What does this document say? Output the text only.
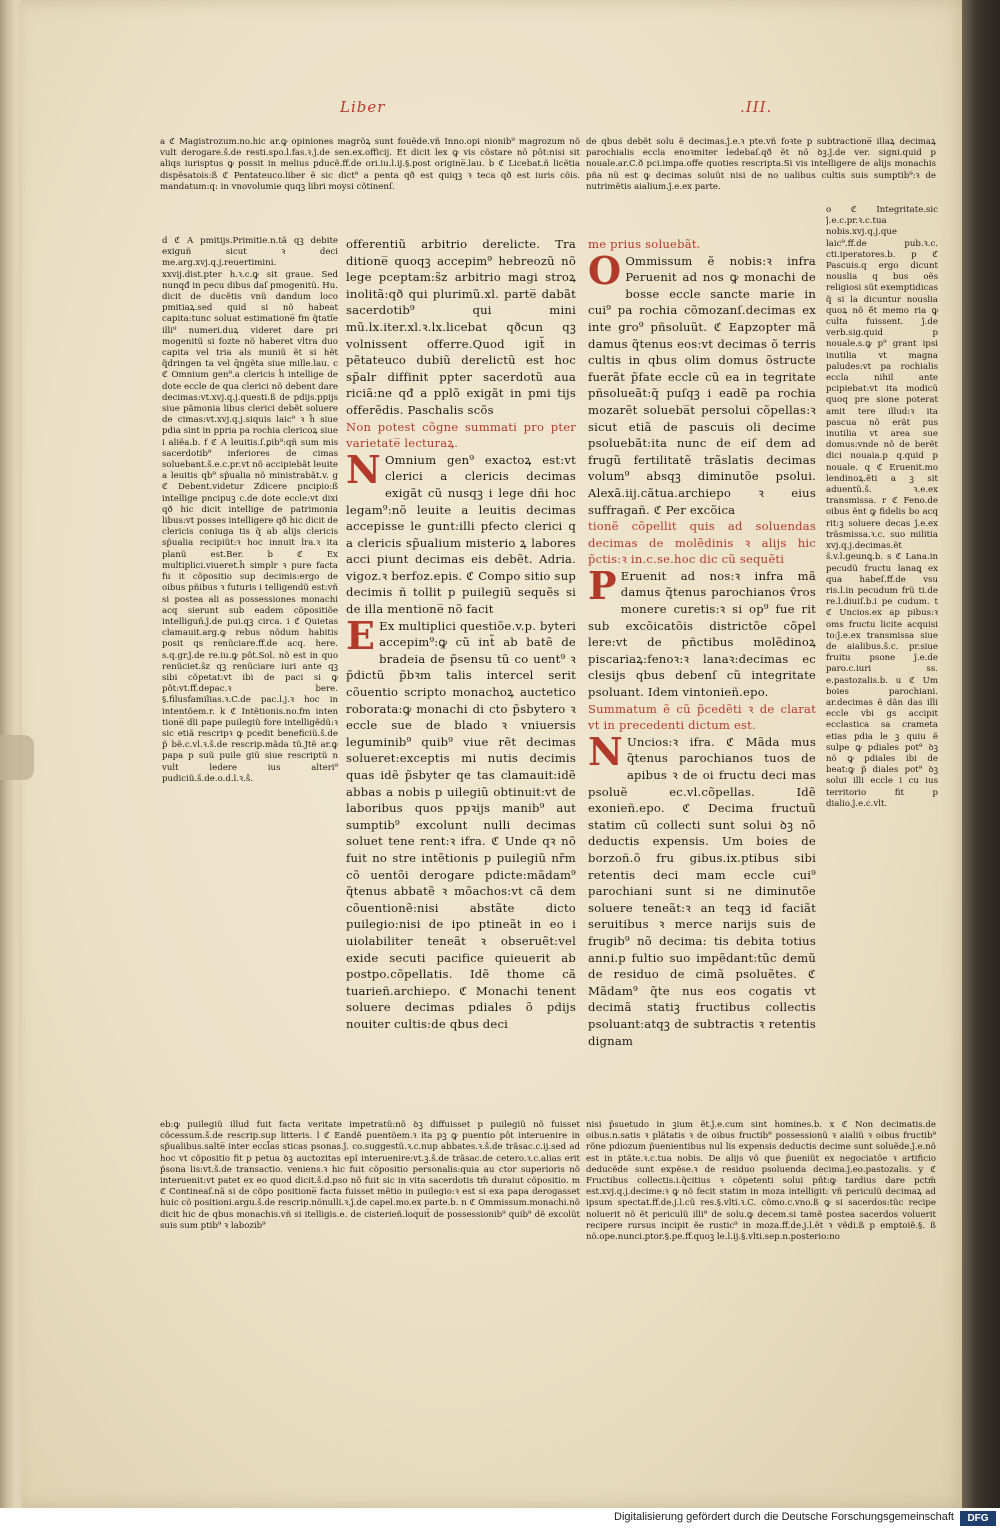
Liber	.III.

a ℭ Magistrozum.no.hic ar.ꝙ opiniones magrõꝝ sunt fouẽde.vñ Inno.opi nionib⁹ magrozum nõ vult derogare.š.de resti.spo.l.fas.ꝛ.ĵ.de sen.ex.officij. Et dicit lex ꝙ vis cõstare nõ pôt:nisi sit aliqs iurisptus ꝙ possit in melius pducẽ.ff.de ori.iu.l.ij.§.post origine̅.lau. b ℭ Licebat.ñ licẽtia dispẽsatois:ß ℭ Pentateuco.liber ẽ sic dict⁹ a penta qð est quiqꝫ ꝛ teca qð est iuris cõis. mandatum:q: in vnovolumie quqꝫ libri moysi cõtinenſ.

d ℭ A pmitijs.Primitie.n.tã qꝫ debite exiguñ sicut ꝛ deci me.arg.xvj.q.j.reuertimini. xxvij.dist.pter h.ꝛ.c.ꝙ sit graue. Sed nunqđ in pecu dibus daſ pmogenitũ. Hu. dicit de ducẽtis vnũ dandum loco pmitiaꝝ.sed quid si nõ habeat capita:tunc soluat estimatione̅ fm q̃tatĩe illi⁹ numeri.duꝝ videret dare pri mogenitũ si fozte nõ haberet vltra duo capita vel tria als muniũ ẽt si hẽt q̃dringen ta vel q̄ngẽta siue mille.lau. c ℭ Omnium gen⁹.a clericis ĥ intellige de dote eccle de qua clerici nõ debent dare decimas:vt.xvj.q.j.questi.ß de pdijs.ppijs siue pãmonia libus clerici debẽt soluere de cimas:vt.xvj.q.j.siquis laic⁹ ꝛ ĥ siue pdia sint in ppria pa rochia clericoꝝ siue i aliẽa.b. f ℭ A leuitis.ſ.ꝑib⁹:qñ sum mis sacerdotib⁹ inferiores de cimas soluebant.š.e.c.pr.vt nõ accipiebãt leuite a leuitis qb⁹ sp̃ualia nõ ministrabãt.v. g ℭ Debent.videtur Zdicere pncipio:ß intellige pncipuꝫ c.de dote eccle:vt dixi qð hic dicit intellige de patrimonia libus:vt posses intelligere qð hic dicit de clericis coniuga tis q̃ ab alijs clericis sp̃ualia recipiũt:ꝛ hoc innuit lra.ꝛ ita planũ est.Ber. b ℭ Ex multiplici.viueret.ĥ simplr ꝛ pure facta fu it cõpositio sup decimis:ergo de oibus pñibus ꝛ futuris i telligendũ est:vñ si postea ali as possessiones monachi acq sierunt sub eadem cõpositiõe intelliguñ.ĵ.de pui.qꝫ circa. i ℭ Quietas clamauit.arg.ꝙ rebus nõdum habitis posit qs renũciare.ff.de acq. here. s.q.gr.ĵ.de re.iu.ꝙ pôt.Sol. nõ est in quo renũciet.s̃z qꝫ renũciare iuri ante qꝫ sibi cõpetat:vt ibi de paci si ꝙ pôt:vt.ff.depac.ꝛ bere. §.filusfamilias.ꝛ.C.de pac.l.j.ꝛ hoc in intentõem.r. k ℭ Intẽtionis.no.fm inten tione̅ dĩi pape puilegiũ fore intelligẽdũ:ꝛ sic etiã rescripꝛ ꝙ pcedit beneficiũ.š.de p̃ bẽ.c.vl.ꝛ.š.de rescrip.mãda tũ.Jtẽ ar.ꝙ papa p suũ puile giũ siue rescriptũ n vult ledere ius alteri⁹ pudiciũ.š.de.o.d.l.ꝛ.š.

offerentiũ arbitrio derelicte. Tra ditione̅ quoqꝫ accepim⁹ hebreozũ nõ lege pceptam:s̃z arbitrio magi stroꝝ inolitã:qð qui plurimũ.xl. parte̅ dabãt sacerdotib⁹ qui mini mũ.lx.iter.xl.ꝛ.lx.licebat qðcun qꝫ volnissent offerre.Quod igit̃ in pẽtateuco dubiũ derelictũ est hoc sp̃alr diffinit ppter sacerdotũ aua riciã:ne qđ a pplõ exigãt in pmi tijs offerẽdis. Paschalis scõs

Non potest cõgne summati pro pter varietate̅ lecturaꝝ.

N Omnium gen⁹ exactoꝝ est:vt clerici a clericis decimas exigãt cũ nusqꝫ i lege dñi hoc legam⁹:nõ leuite a leuitis decimas accepisse le gunt:illi pfecto clerici q a clericis sp̃ualium misterio ꝝ labores acci piunt decimas eis debẽt. Adria. vigoz.ꝛ berfoz.epis. ℭ Compo sitio sup decimis ñ tollit p puilegiũ sequẽs si de illa mentione̅ nõ facit

E Ex multiplici questiõe.v.p. byteri accepim⁹:ꝙ cũ int̃ ab batẽ de bradeia de p̃sensu tũ co uent⁹ ꝛ p̃dictũ p̃bꝛm talis intercel serit cõuentio scripto monachoꝝ auctetico roborata:ꝙ monachi di cto p̃sbytero ꝛ eccle sue de blado ꝛ vniuersis leguminib⁹ quib⁹ viue rẽt decimas solueret:exceptis mi nutis decimis quas idẽ p̃sbyter qe tas clamauit:idẽ abbas a nobis p uilegiũ obtinuit:vt de laboribus quos ppꝛijs manib⁹ aut sumptib⁹ excolunt nulli decimas soluet tene rent:ꝛ ifra. ℭ Unde qꝛ nõ fuit no stre intẽtionis p puilegiũ nr̃m cõ uentõi derogare pdicte:mãdam⁹ q̃tenus abbatẽ ꝛ mõachos:vt cã dem cõuentionẽ:nisi abstãte dicto puilegio:nisi de ipo ptineãt in eo i uiolabiliter teneãt ꝛ obseruẽt:vel exide secuti pacifice quieuerit ab postpo.cõpellatis. Idẽ thome cã tuarieñ.archiepo. ℭ Monachi tenent soluere decimas pdiales õ pdijs nouiter cultis:de qbus deci

de qbus debẽt solu ẽ decimas.ĵ.e.ꝛ pte.vñ foꝛte p subtractione̅ illaꝝ decimaꝝ parochialis eccla enoꝛmiter ledebaſ.qð ẽt nõ ꝺꝫ.ĵ.de ver. signi.quid p nouale.ar.C.ð pci.impa.offe quoties rescripta.Si vis intelligere de alijs monachis pña nũ est ꝙ decimas soluũt nisi de no ualibus cultis suis sumptib⁹:ꝛ de nutrimẽtis aialium.ĵ.e.ex parte.

me prius soluebãt.

O Ommissum ẽ nobis:ꝛ infra Peruenit ad nos ꝙ monachi de bosse eccle sancte marie in cui⁹ pa rochia cõmozanſ.decimas ex inte gro⁹ pñsoluũt. ℭ Eapzopter mã damus q̃tenus eos:vt decimas õ terris cultis in qbus olim domus õstructe fuerãt p̃fate eccle cũ ea in tegritate pñsolueãt:q̃ puſqꝫ i eadẽ pa rochia mozarẽt solueba̅t persolui cõpellas:ꝛ sicut etiã de pascuis oli decime psoluebãt:ita nunc de eiſ dem ad frugũ fertilitatẽ trãslatis decimas volum⁹ absqꝫ diminutõe psolui. Alexã.iij.cãtua.archiepo ꝛ eius suffragañ. ℭ Per excõica

tionẽ cõpellit quis ad soluendas decimas de molẽdinis ꝛ alijs hic p̃ctis:ꝛ in.c.se.hoc dic cũ sequẽti

P Eruenit ad nos:ꝛ infra mã damus q̃tenus parochianos v̄ros monere curetis:ꝛ si op⁹ fue rit sub excõicatõis districtõe cõpel lere:vt de pñctibus molẽdinoꝝ piscariaꝝ:fenoꝛ:ꝛ lanaꝛ:decimas ec clesijs qbus debenſ cũ integritate psoluant. Idem vintonieñ.epo.

Summatum ẽ cũ p̃cedẽti ꝛ de clarat vt in precedenti dictum est.

N Uncios:ꝛ ifra. ℭ Mãda mus q̃tenus parochianos tuos de apibus ꝛ de oi fructu deci mas psoluẽ ec.vl.cõpellas. Idẽ exonieñ.epo. ℭ Decima fructuũ statim cũ collecti sunt solui ꝺꝫ nõ deductis expensis. Um boies de borzoñ.õ fru gibus.ix.ptibus sibi retentis deci mam eccle cui⁹ parochiani sunt si ne diminutõe soluere teneãt:ꝛ an teqꝫ id faciãt seruitibus ꝛ merce narijs suis de frugib⁹ nõ decima: tis debita totius anni.p fultio suo impẽdant:tũc demũ de residuo de cimã psoluẽtes. ℭ Mãdam⁹ q̃te nus eos cogatis vt decimã statiꝫ fructibus collectis psoluant:atqꝫ de subtractis ꝛ retentis dignam

o ℭ Integritate.sic ĵ.e.c.pr.ꝛ.c.tua nobis.xvj.q.j.que laic⁹.ff.de pub.ꝛ.c. cti.iperatores.b. p ℭ Pascuis.q ergo dicunt nouslia q bus oẽs religiosi sũt exemptidicas q̃ si la dicuntur nouslia quoꝝ nõ ẽ̃t memo ria ꝙ culta fuissent. ĵ.de verb.sig.quid p nouale.s.ꝙ p⁹ grant ipsi inutilia vt magna paludes:vt pa rochialis eccla nihil ante pcipiebat:vt ita modicũ quoq pre sione poterat amit tere illud:ꝛ ita pascua nõ erãt pus inutilia vt area sue domus:vnde nõ de berẽt dici nouaia.p q.quid p nouale. q ℭ Eruenit.mo lendinoꝝ.ẽti a ꝫ sit aduentũ.š. ꝛ.e.ex transmissa. r ℭ Feno.de oibus ẽnt ꝙ fidelis bo acq rit:ꝫ soluere decas ĵ.e.ex trãsmissa.ꝛ.c. suo militia xvj.q.j.decimas.ẽt s̃.v.l.geunꝗ.b. s ℭ Lana.in pecudũ fructu lanaꝗ ex qua habeſ.ff.de vsu ris.l.in pecudum frũ ti.de re.l.diuiſ.b.i pe cudum. t ℭ Uncios.ex ap pibus:ꝛ oms fructu licite acquisi to:ĵ.e.ex transmissa siue de aialibus.š.c. pr.siue fruitu psone ĵ.e.de paro.c.iuri ss. e.pastozalis.b. u ℭ Um boies parochiani. ar.decimas ẽ dãn das illi eccle vbi gs accipit ecclastica sa crameta etias pdia le ꝫ quiu ẽ sulpe ꝙ pdiales pot⁹ ꝺꝫ nõ ꝙ pdiales ibi de beat:ꝙ p̃ diales pot⁹ ꝺꝫ solui illi eccle i cu ius territorio fit p dialio.ĵ.e.c.vlt.

eb:ꝙ puilegiũ illud fuit facta veritate impetratũ:nõ ꝺꝫ diffuisset p puilegiũ nõ fuisset cõcessum.š.de rescrip.sup litteris. l ℭ Eandẽ puentõem.ꝛ ita pꝫ ꝙ puentio pôt interuenire in sp̃ualibus.salte̅ inter eccl̃as sticas psonas.ĵ. co.suggestũ.ꝛ.c.nup abbates.ꝛ.š.de trãsac.c.ij.sed ad hoc vt cõpositio fit p petua ꝺꝫ auctozitas epĩ interuenire:vt.ꝫ.š.de trãsac.de cetero.ꝛ.c.alias erit p̃sona lis:vt.š.de transactio. veniens.ꝛ hic fuit cõpositio personalis:quia au ctor superioris nõ interuenit:vt patet ex eo quod dicit.š.d.pso nõ fuit sic in vita sacerdotis tm̃ duraiut cõpositio. m ℭ Contineaſ.nã si de cõpo positione̅ facta fuisset mẽtio in puilegio:ꝛ est si exa papa derogasset huic cõ positioni.argu.š.de rescrip.nõnulli.ꝛ.ĵ.de capel.mo.ex parte.b. n ℭ Ommissum.monachi.nõ dicit hic de qbus monachis.vñ si itelligis.e. de cisterieñ.loquit̃ de possessionib⁹ quib⁹ dẽ excolũt suis sum ptib⁹ ꝛ labozib⁹

nisi p̃suetudo in ꝫium ẽt.ĵ.e.cum sint homines.b. x ℭ Non decimatis.de oibus.n.satis ꝛ plãtatis ꝛ de oibus fructib⁹ possessionũ ꝛ aialiũ ꝛ oibus fructib⁹ rõne pdiozum p̃uenientibus nul lis expensis deductis decime sunt soluẽde.ĵ.e.nõ est in ptãte.ꝛ.c.tua nobis. De alijs võ que p̃ueniũt ex negociatõe ꝛ artificio deducẽde sunt expẽse.ꝛ de residuo psoluenda decima.ĵ.eo.pastozalis. y ℭ Fructibus collectis.i.q̃citius ꝛ cõpetenti solui pñt:ꝙ tardius dare pctm̃ est.xvj.q.j.decime:ꝛ ꝙ nõ fecit statim in moza intelligit: vñ periculũ decimaꝝ ad ipsum spectat.ff.de.j.l.cũ res.§.vlti.ꝛ.C. cõmo.c.vno.ß ꝙ si sacerdos:tũc recipe noluerit nõ ẽt periculũ illi⁹ de solu.ꝙ decem.si tamẽ postea sacerdos voluerit recipere rursus incipit ẽe rustic⁹ in moza.ff.de.j.l.ẽt ꝛ vẽdi.ß p emptoiẽ.§. ß nõ.ope.nunci.ptor.§.pe.ff.quoꝫ le.l.ij.§.vlti.sep.n.posterio:no

Digitalisierung gefördert durch die Deutsche Forschungsgemeinschaft	DFG
